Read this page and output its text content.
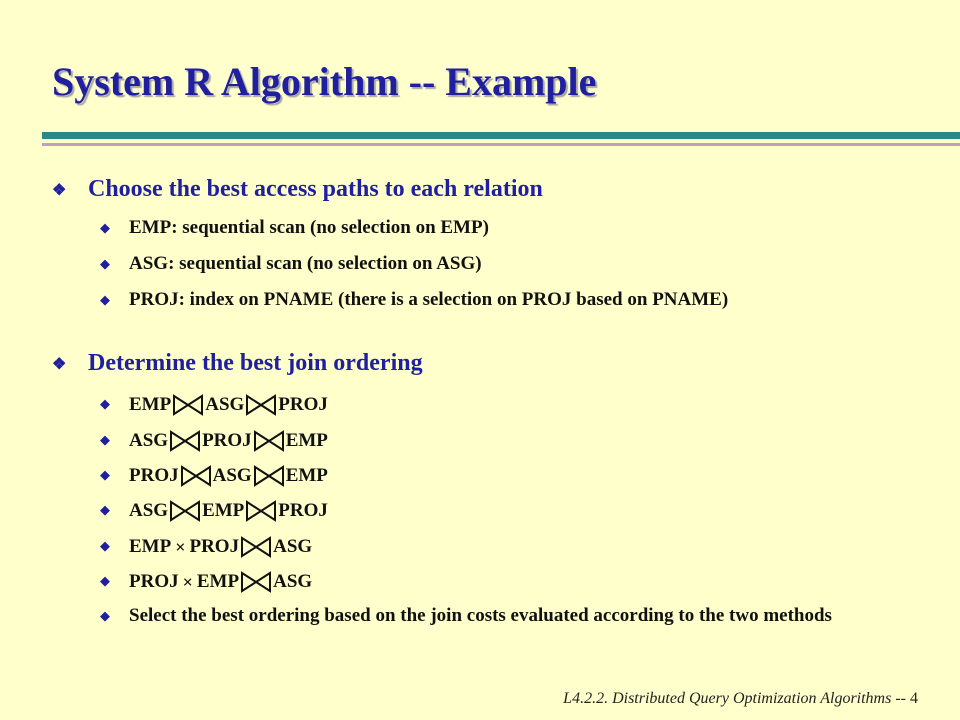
System R Algorithm -- Example
❖ Choose the best access paths to each relation
◆ EMP: sequential scan (no selection on EMP)
◆ ASG: sequential scan (no selection on ASG)
◆ PROJ: index on PNAME (there is a selection on PROJ based on PNAME)
❖ Determine the best join ordering
◆ EMP ASG PROJ
◆ ASG PROJ EMP
◆ PROJ ASG EMP
◆ ASG EMP PROJ
◆ EMP × PROJ ASG
◆ PROJ × EMP ASG
◆ Select the best ordering based on the join costs evaluated according to the two methods
L4.2.2. Distributed Query Optimization Algorithms -- 4
